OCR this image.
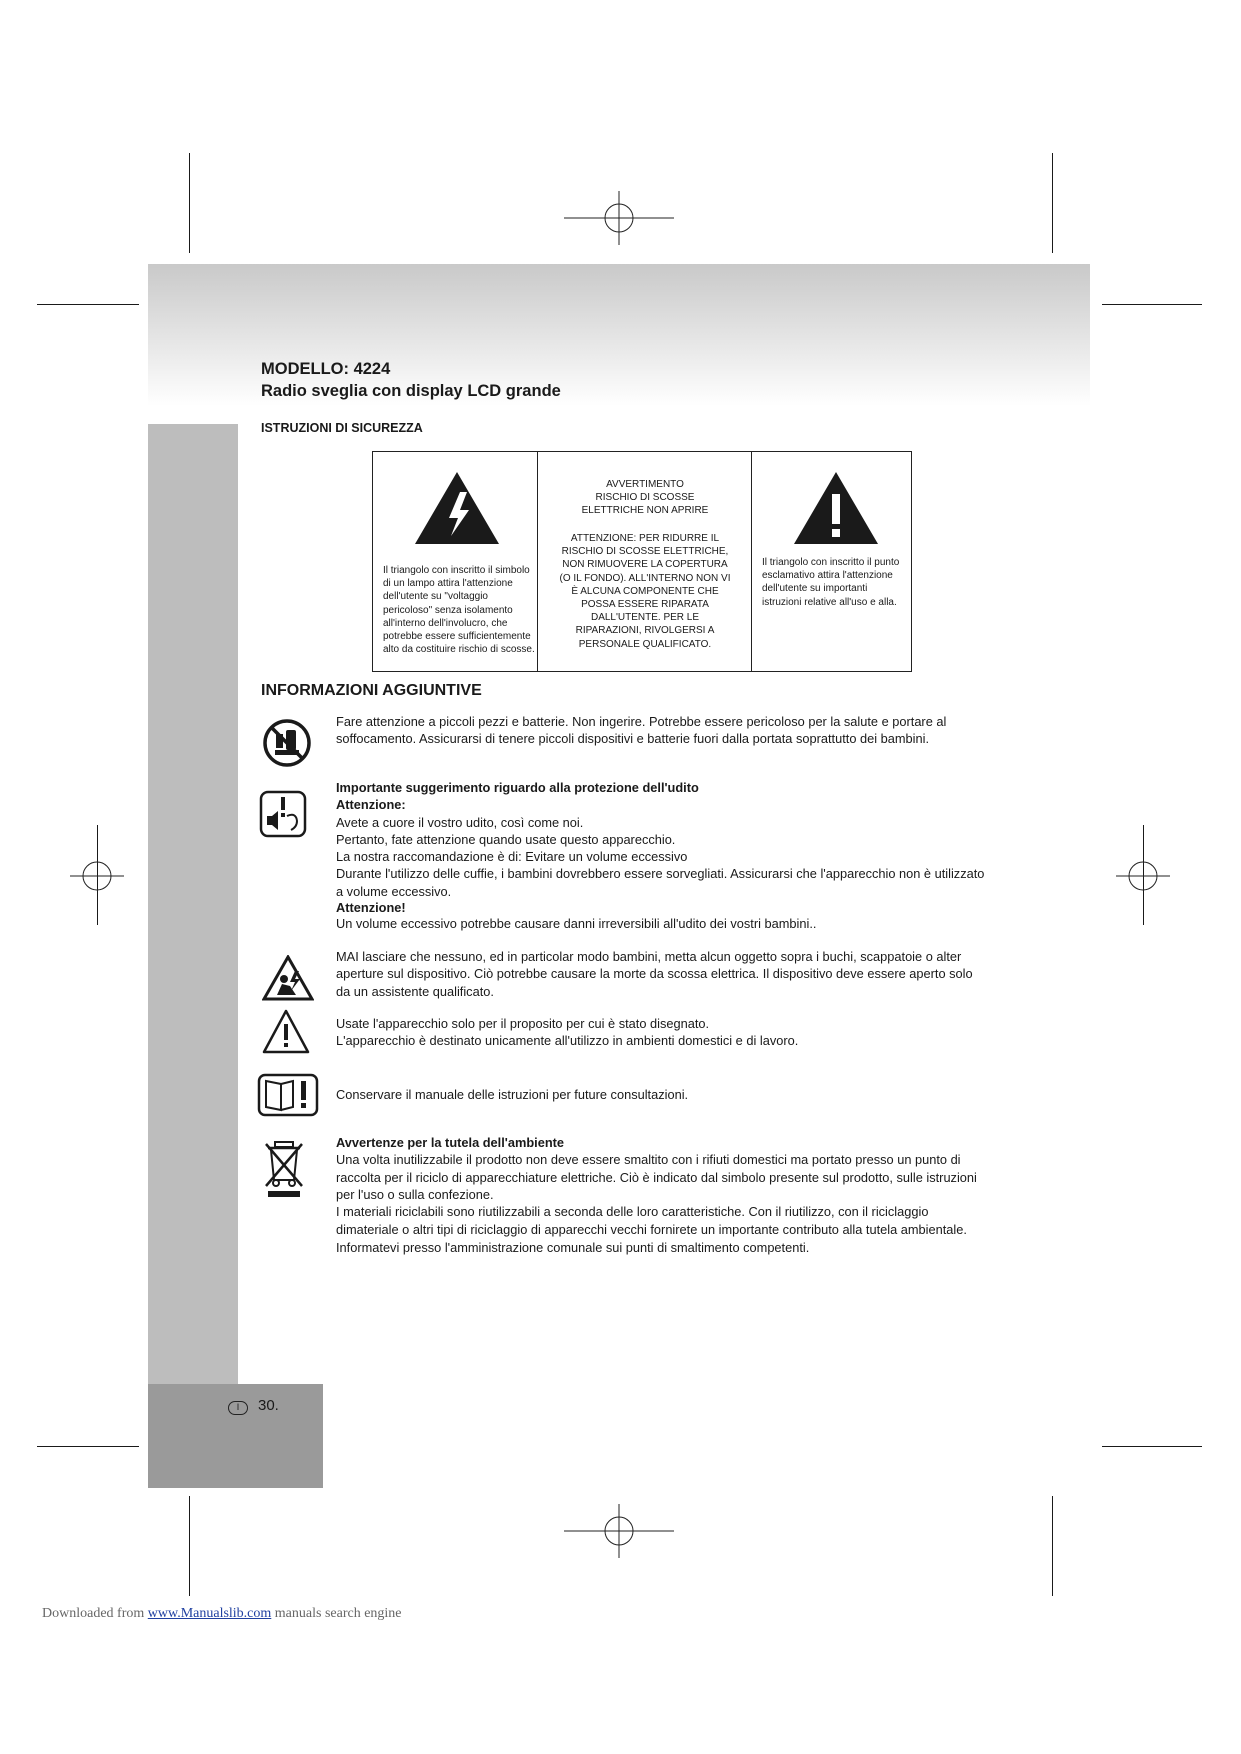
MODELLO: 4224
Radio sveglia con display LCD grande
ISTRUZIONI DI SICUREZZA
Il triangolo con inscritto il simbolo di un lampo attira l'attenzione dell'utente su "voltaggio pericoloso" senza isolamento all'interno dell'involucro, che potrebbe essere sufficientemente alto da costituire rischio di scosse.
AVVERTIMENTO
RISCHIO DI SCOSSE
ELETTRICHE NON APRIRE
ATTENZIONE: PER RIDURRE IL
RISCHIO DI SCOSSE ELETTRICHE,
NON RIMUOVERE LA COPERTURA
(O IL FONDO). ALL'INTERNO NON VI
È ALCUNA COMPONENTE CHE
POSSA ESSERE RIPARATA
DALL'UTENTE. PER LE
RIPARAZIONI, RIVOLGERSI A
PERSONALE QUALIFICATO.
Il triangolo con inscritto il punto esclamativo attira l'attenzione dell'utente su importanti istruzioni relative all'uso e alla.
INFORMAZIONI AGGIUNTIVE
Fare attenzione a piccoli pezzi e batterie. Non ingerire. Potrebbe essere pericoloso per la salute e portare al soffocamento. Assicurarsi di tenere piccoli dispositivi e batterie fuori dalla portata soprattutto dei bambini.
Importante suggerimento riguardo alla protezione dell'udito
Attenzione:
Avete a cuore il vostro udito, così come noi.
Pertanto, fate attenzione quando usate questo apparecchio.
La nostra raccomandazione è di: Evitare un volume eccessivo
Durante l'utilizzo delle cuffie, i bambini dovrebbero essere sorvegliati. Assicurarsi che l'apparecchio non è utilizzato a volume eccessivo.
Attenzione!
Un volume eccessivo potrebbe causare danni irreversibili all'udito dei vostri bambini..
MAI lasciare che nessuno, ed in particolar modo bambini, metta alcun oggetto sopra i buchi, scappatoie o alter aperture sul dispositivo. Ciò potrebbe causare la morte da scossa elettrica. Il dispositivo deve essere aperto solo da un assistente qualificato.
Usate l'apparecchio solo per il proposito per cui è stato disegnato.
L'apparecchio è destinato unicamente all'utilizzo in ambienti domestici e di lavoro.
Conservare il manuale delle istruzioni per future consultazioni.
Avvertenze per la tutela dell'ambiente
Una volta inutilizzabile il prodotto non deve essere smaltito con i rifiuti domestici ma portato presso un punto di raccolta per il riciclo di apparecchiature elettriche. Ciò è indicato dal simbolo presente sul prodotto, sulle istruzioni per l'uso o sulla confezione.
I materiali riciclabili sono riutilizzabili a seconda delle loro caratteristiche. Con il riutilizzo, con il riciclaggio dimateriale o altri tipi di riciclaggio di apparecchi vecchi fornirete un importante contributo alla tutela ambientale. Informatevi presso l'amministrazione comunale sui punti di smaltimento competenti.
I	30.
Downloaded from www.Manualslib.com manuals search engine
